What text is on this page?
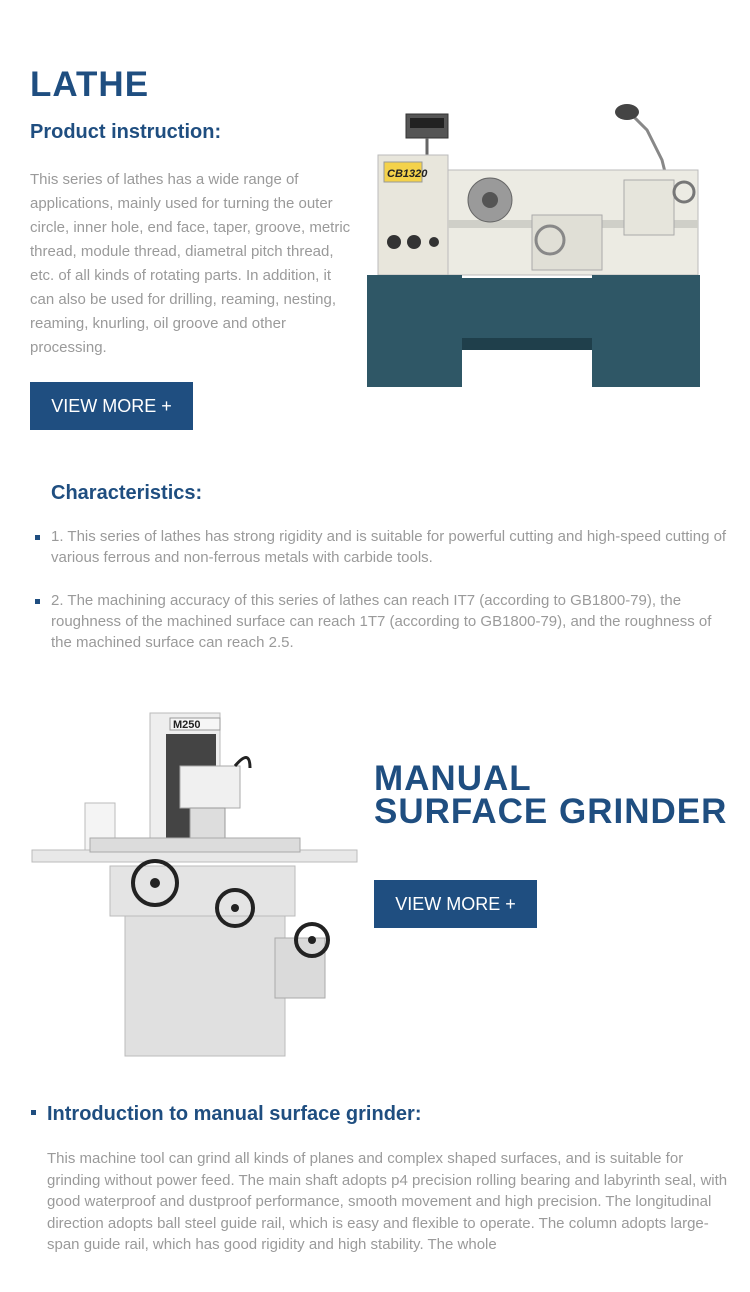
LATHE
Product instruction:
This series of lathes has a wide range of applications, mainly used for turning the outer circle, inner hole, end face, taper, groove, metric thread, module thread, diametral pitch thread, etc. of all kinds of rotating parts. In addition, it can also be used for drilling, reaming, nesting, reaming, knurling, oil groove and other processing.
CB1320
VIEW MORE +
Characteristics:
1. This series of lathes has strong rigidity and is suitable for powerful cutting and high-speed cutting of various ferrous and non-ferrous metals with carbide tools.
2. The machining accuracy of this series of lathes can reach IT7 (according to GB1800-79), the roughness of the machined surface can reach 1T7 (according to GB1800-79), and the roughness of the machined surface can reach 2.5.
M250
MANUAL
SURFACE GRINDER
VIEW MORE +
Introduction to manual surface grinder:
This machine tool can grind all kinds of planes and complex shaped surfaces, and is suitable for grinding without power feed. The main shaft adopts p4 precision rolling bearing and labyrinth seal, with good waterproof and dustproof performance, smooth movement and high precision. The longitudinal direction adopts ball steel guide rail, which is easy and flexible to operate. The column adopts large-span guide rail, which has good rigidity and high stability. The whole
